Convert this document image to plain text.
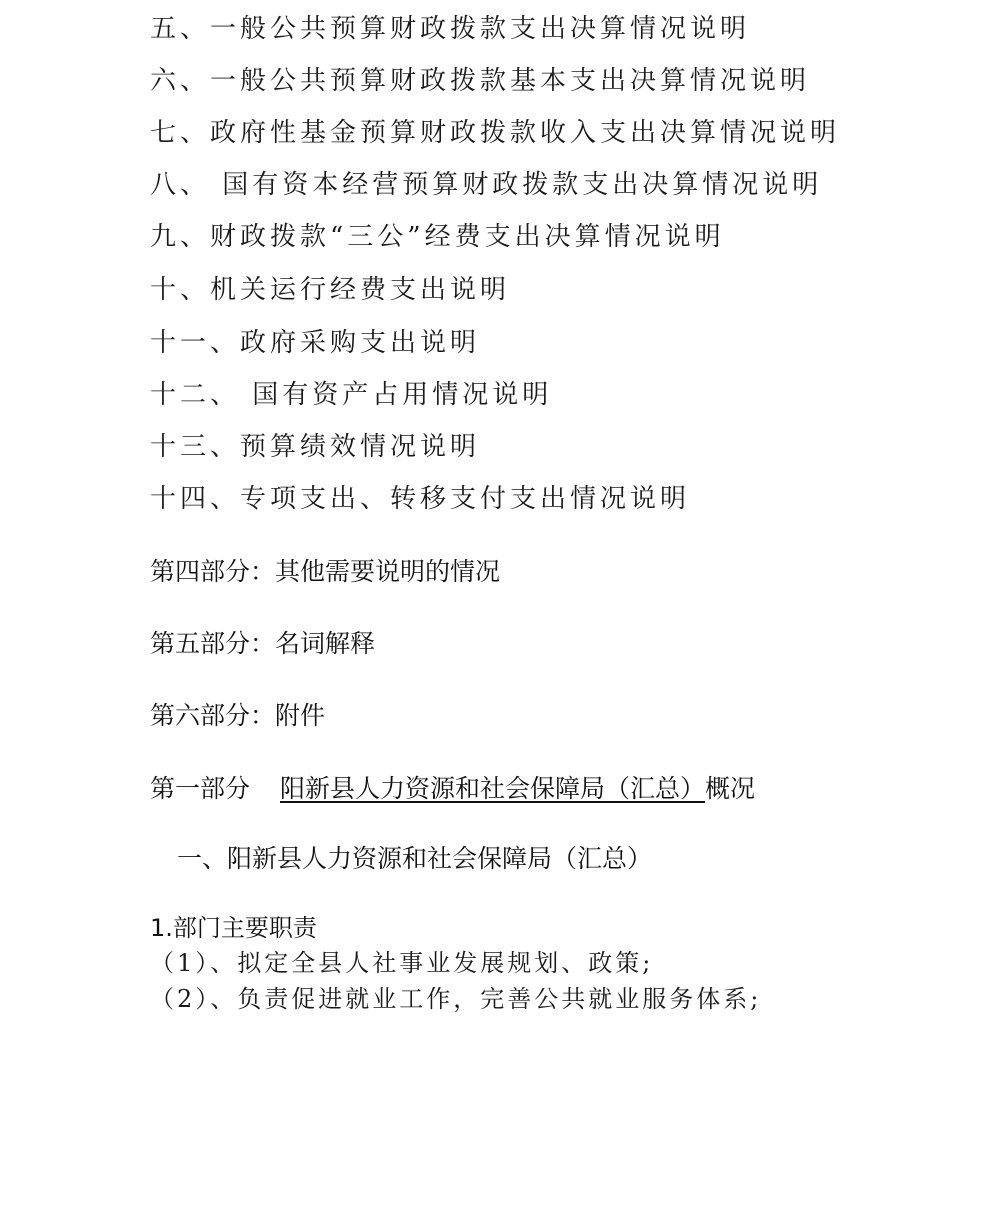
五、一般公共预算财政拨款支出决算情况说明
六、一般公共预算财政拨款基本支出决算情况说明
七、政府性基金预算财政拨款收入支出决算情况说明
八、 国有资本经营预算财政拨款支出决算情况说明
九、财政拨款“三公”经费支出决算情况说明
十、机关运行经费支出说明
十一、政府采购支出说明
十二、 国有资产占用情况说明
十三、预算绩效情况说明
十四、专项支出、转移支付支出情况说明
第四部分：其他需要说明的情况
第五部分：名词解释
第六部分：附件
第一部分 阳新县人力资源和社会保障局（汇总）概况
一、阳新县人力资源和社会保障局（汇总）
1.部门主要职责
（1）、拟定全县人社事业发展规划、政策;
（2）、负责促进就业工作，完善公共就业服务体系;
